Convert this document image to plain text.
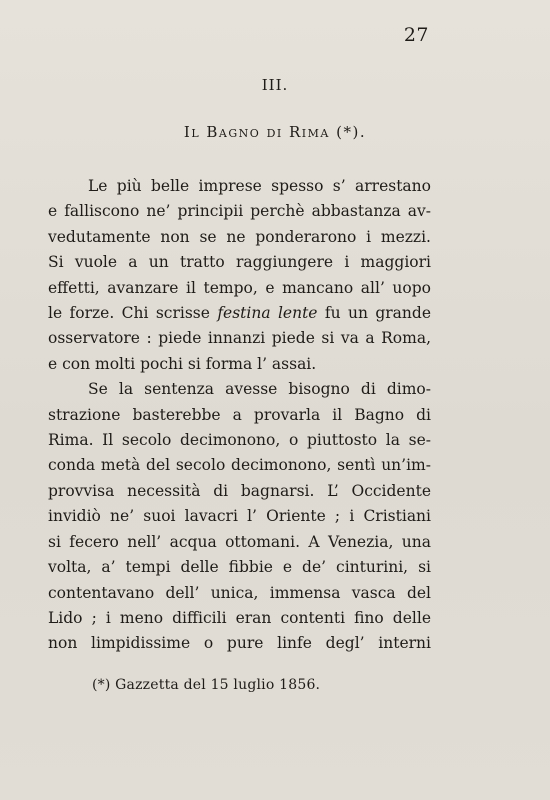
27
III.
Il Bagno di Rima (*).
Le più belle imprese spesso s’ arrestano
e falliscono ne’ principii perchè abbastanza av-
vedutamente non se ne ponderarono i mezzi.
Si vuole a un tratto raggiungere i maggiori
effetti, avanzare il tempo, e mancano all’ uopo
le forze. Chi scrisse festina lente fu un grande
osservatore : piede innanzi piede si va a Roma,
e con molti pochi si forma l’ assai.
Se la sentenza avesse bisogno di dimo-
strazione basterebbe a provarla il Bagno di
Rima. Il secolo decimonono, o piuttosto la se-
conda metà del secolo decimonono, sentì un’im-
provvisa necessità di bagnarsi. L’ Occidente
invidiò ne’ suoi lavacri l’ Oriente ; i Cristiani
si fecero nell’ acqua ottomani. A Venezia, una
volta, a’ tempi delle fibbie e de’ cinturini, si
contentavano dell’ unica, immensa vasca del
Lido ; i meno difficili eran contenti fino delle
non limpidissime o pure linfe degl’ interni
(*) Gazzetta del 15 luglio 1856.
